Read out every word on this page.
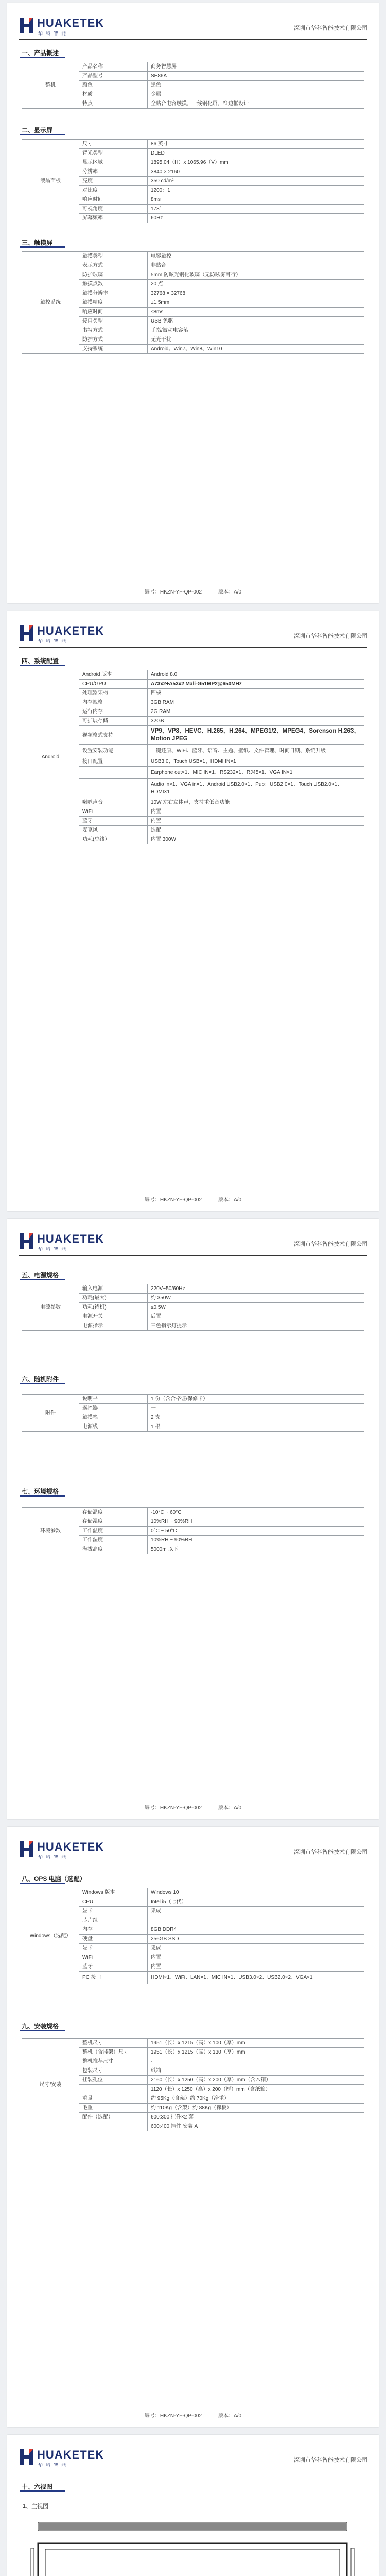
HUAKETEK
华科智能
深圳市华科智能技术有限公司
一、产品概述
整机	产品名称	商务智慧屏
	产品型号	SE86A
	颜色	黑色
	材质	金属
	特点	全贴合电容触摸，一线钢化屏，窄边框设计
二、显示屏
液晶面板	尺寸	86 英寸
	背光类型	DLED
	显示区域	1895.04（H）x 1065.96（V）mm
	分辨率	3840 × 2160
	亮度	350 cd/m²
	对比度	1200：1
	响应时间	8ms
	可视角度	178°
	屏幕频率	60Hz
三、触摸屏
触控系统	触摸类型	电容触控
	表示方式	非贴合
	防护玻璃	5mm 防眩光钢化玻璃（无防眩雾可行）
	触摸点数	20 点
	触摸分辨率	32768 × 32768
	触摸精度	±1.5mm
	响应时间	≤8ms
	接口类型	USB 免驱
	书写方式	手指/被动电容笔
	防护方式	无光干扰
	支持系统	Android、Win7、Win8、Win10
编号：HKZN-YF-QP-002	版本：A/0
HUAKETEK
华科智能
深圳市华科智能技术有限公司
四、系统配置
Android	Android 版本	Android 8.0
	CPU/GPU	A73x2+A53x2 Mali-G51MP2@650MHz
	处理器架构	四核
	内存规格	3GB RAM
	运行内存	2G RAM
	可扩展存储	32GB
	视频格式支持	VP9、VP8、HEVC、H.265、H.264、MPEG1/2、MPEG4、Sorenson H.263、Motion JPEG
	设置安装功能	一键还原、WiFi、蓝牙、语音、主题、壁纸、文件管理、时间日期、系统升级
	接口配置	USB3.0、Touch USB×1、HDMI IN×1
		Earphone out×1、MIC IN×1、RS232×1、RJ45×1、VGA IN×1
		Audio in×1、VGA in×1、Android USB2.0×1、Pub：USB2.0×1、Touch USB2.0×1、HDMI×1
	喇叭声音	10W 左右立体声，支持重低音功能
	WiFi	内置
	蓝牙	内置
	麦克风	选配
	功耗(总线）	内置 300W
编号：HKZN-YF-QP-002	版本：A/0
HUAKETEK
华科智能
深圳市华科智能技术有限公司
五、电源规格
电源参数	输入电源	220V~50/60Hz
	功耗(最大)	约 350W
	功耗(待机)	≤0.5W
	电源开关	后置
	电源指示	三色指示灯提示
六、随机附件
附件	说明书	1 份（含合格证/保修卡）
	遥控器	一
	触摸笔	2 支
	电源线	1 根
七、环境规格
环境参数	存储温度	-10°C ~ 60°C
	存储湿度	10%RH ~ 90%RH
	工作温度	0°C ~ 50°C
	工作湿度	10%RH ~ 90%RH
	海拔高度	5000m 以下
编号：HKZN-YF-QP-002	版本：A/0
HUAKETEK
华科智能
深圳市华科智能技术有限公司
八、OPS 电脑（选配）
Windows（选配）	Windows 版本	Windows 10
	CPU	Intel i5（七代）
	显卡	集成
	芯片组	
	内存	8GB DDR4
	硬盘	256GB SSD
	显卡	集成
	WiFi	内置
	蓝牙	内置
	PC 接口	HDMI×1、WiFi、LAN×1、MIC IN×1、USB3.0×2、USB2.0×2、VGA×1
九、安装规格
尺寸/安装	整机尺寸	1951（长）x 1215（高）x 100（厚）mm
	整机（含挂架）尺寸	1951（长）x 1215（高）x 130（厚）mm
	整机推荐尺寸	-
	包装尺寸	纸箱
	挂装孔位	2160（长）x 1250（高）x 200（厚）mm（含木箱）
		1120（长）x 1250（高）x 200（厚）mm（含纸箱）
	重量	约 95Kg（含架）约 70Kg（净重）
	毛重	约 110Kg（含架）约 88Kg（裸板）
	配件（选配）	600:300 挂件×2 套
		600:400 挂件 安装 A
编号：HKZN-YF-QP-002	版本：A/0
HUAKETEK
华科智能
深圳市华科智能技术有限公司
十、六视图
1、主视图
